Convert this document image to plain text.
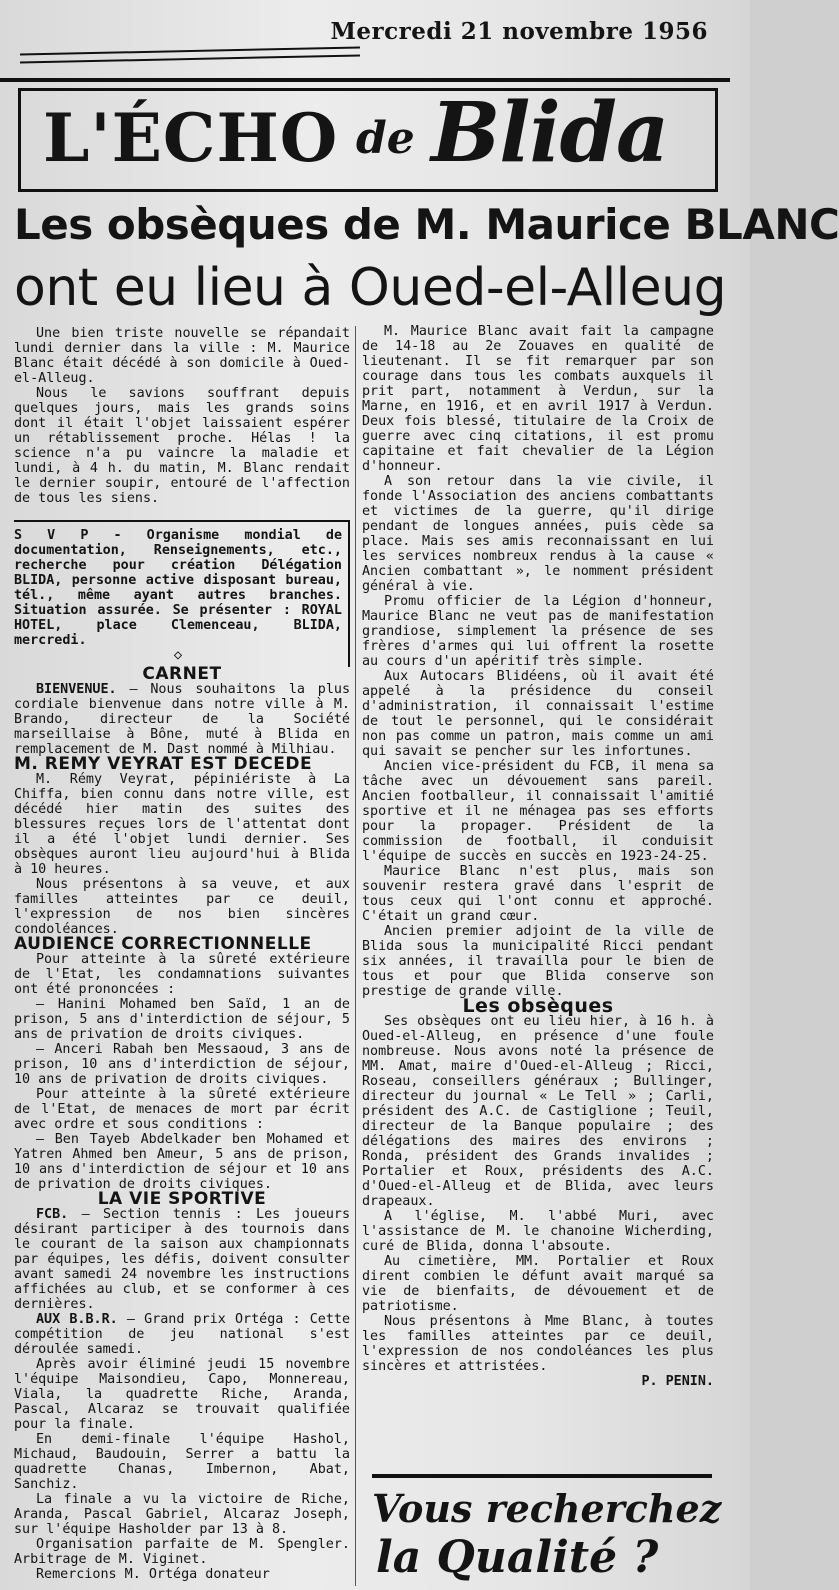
Mercredi 21 novembre 1956
L'ÉCHO de Blida
Les obsèques de M. Maurice BLANC
ont eu lieu à Oued-el-Alleug

Une bien triste nouvelle se répandait lundi dernier dans la ville : M. Maurice Blanc était décédé à son domicile à Oued-el-Alleug.

Nous le savions souffrant depuis quelques jours, mais les grands soins dont il était l'objet laissaient espérer un rétablissement proche. Hélas ! la science n'a pu vaincre la maladie et lundi, à 4 h. du matin, M. Blanc rendait le dernier soupir, entouré de l'affection de tous les siens.

S V P - Organisme mondial de documentation, Renseignements, etc., recherche pour création Délégation BLIDA, personne active disposant bureau, tél., même ayant autres branches. Situation assurée. Se présenter : ROYAL HOTEL, place Clemenceau, BLIDA, mercredi.

◇

CARNET

BIENVENUE. — Nous souhaitons la plus cordiale bienvenue dans notre ville à M. Brando, directeur de la Société marseillaise à Bône, muté à Blida en remplacement de M. Dast nommé à Milhiau.

M. REMY VEYRAT EST DECEDE

M. Rémy Veyrat, pépiniériste à La Chiffa, bien connu dans notre ville, est décédé hier matin des suites des blessures reçues lors de l'attentat dont il a été l'objet lundi dernier. Ses obsèques auront lieu aujourd'hui à Blida à 10 heures.

Nous présentons à sa veuve, et aux familles atteintes par ce deuil, l'expression de nos bien sincères condoléances.

AUDIENCE CORRECTIONNELLE

Pour atteinte à la sûreté extérieure de l'Etat, les condamnations suivantes ont été prononcées :

— Hanini Mohamed ben Saïd, 1 an de prison, 5 ans d'interdiction de séjour, 5 ans de privation de droits civiques.

— Anceri Rabah ben Messaoud, 3 ans de prison, 10 ans d'interdiction de séjour, 10 ans de privation de droits civiques.

Pour atteinte à la sûreté extérieure de l'Etat, de menaces de mort par écrit avec ordre et sous conditions :

— Ben Tayeb Abdelkader ben Mohamed et Yatren Ahmed ben Ameur, 5 ans de prison, 10 ans d'interdiction de séjour et 10 ans de privation de droits civiques.

LA VIE SPORTIVE

FCB. — Section tennis : Les joueurs désirant participer à des tournois dans le courant de la saison aux championnats par équipes, les défis, doivent consulter avant samedi 24 novembre les instructions affichées au club, et se conformer à ces dernières.

AUX B.B.R. — Grand prix Ortéga : Cette compétition de jeu national s'est déroulée samedi.

Après avoir éliminé jeudi 15 novembre l'équipe Maisondieu, Capo, Monnereau, Viala, la quadrette Riche, Aranda, Pascal, Alcaraz se trouvait qualifiée pour la finale.

En demi-finale l'équipe Hashol, Michaud, Baudouin, Serrer a battu la quadrette Chanas, Imbernon, Abat, Sanchiz.

La finale a vu la victoire de Riche, Aranda, Pascal Gabriel, Alcaraz Joseph, sur l'équipe Hasholder par 13 à 8.

Organisation parfaite de M. Spengler. Arbitrage de M. Viginet.

Remercions M. Ortéga donateur

M. Maurice Blanc avait fait la campagne de 14-18 au 2e Zouaves en qualité de lieutenant. Il se fit remarquer par son courage dans tous les combats auxquels il prit part, notamment à Verdun, sur la Marne, en 1916, et en avril 1917 à Verdun. Deux fois blessé, titulaire de la Croix de guerre avec cinq citations, il est promu capitaine et fait chevalier de la Légion d'honneur.

A son retour dans la vie civile, il fonde l'Association des anciens combattants et victimes de la guerre, qu'il dirige pendant de longues années, puis cède sa place. Mais ses amis reconnaissant en lui les services nombreux rendus à la cause « Ancien combattant », le nomment président général à vie.

Promu officier de la Légion d'honneur, Maurice Blanc ne veut pas de manifestation grandiose, simplement la présence de ses frères d'armes qui lui offrent la rosette au cours d'un apéritif très simple.

Aux Autocars Blidéens, où il avait été appelé à la présidence du conseil d'administration, il connaissait l'estime de tout le personnel, qui le considérait non pas comme un patron, mais comme un ami qui savait se pencher sur les infortunes.

Ancien vice-président du FCB, il mena sa tâche avec un dévouement sans pareil. Ancien footballeur, il connaissait l'amitié sportive et il ne ménagea pas ses efforts pour la propager. Président de la commission de football, il conduisit l'équipe de succès en succès en 1923-24-25.

Maurice Blanc n'est plus, mais son souvenir restera gravé dans l'esprit de tous ceux qui l'ont connu et approché. C'était un grand cœur.

Ancien premier adjoint de la ville de Blida sous la municipalité Ricci pendant six années, il travailla pour le bien de tous et pour que Blida conserve son prestige de grande ville.

Les obsèques

Ses obsèques ont eu lieu hier, à 16 h. à Oued-el-Alleug, en présence d'une foule nombreuse. Nous avons noté la présence de MM. Amat, maire d'Oued-el-Alleug ; Ricci, Roseau, conseillers généraux ; Bullinger, directeur du journal « Le Tell » ; Carli, président des A.C. de Castiglione ; Teuil, directeur de la Banque populaire ; des délégations des maires des environs ; Ronda, président des Grands invalides ; Portalier et Roux, présidents des A.C. d'Oued-el-Alleug et de Blida, avec leurs drapeaux.

A l'église, M. l'abbé Muri, avec l'assistance de M. le chanoine Wicherding, curé de Blida, donna l'absoute.

Au cimetière, MM. Portalier et Roux dirent combien le défunt avait marqué sa vie de bienfaits, de dévouement et de patriotisme.

Nous présentons à Mme Blanc, à toutes les familles atteintes par ce deuil, l'expression de nos condoléances les plus sincères et attristées.

P. PENIN.

Vous recherchez
la Qualité ?
